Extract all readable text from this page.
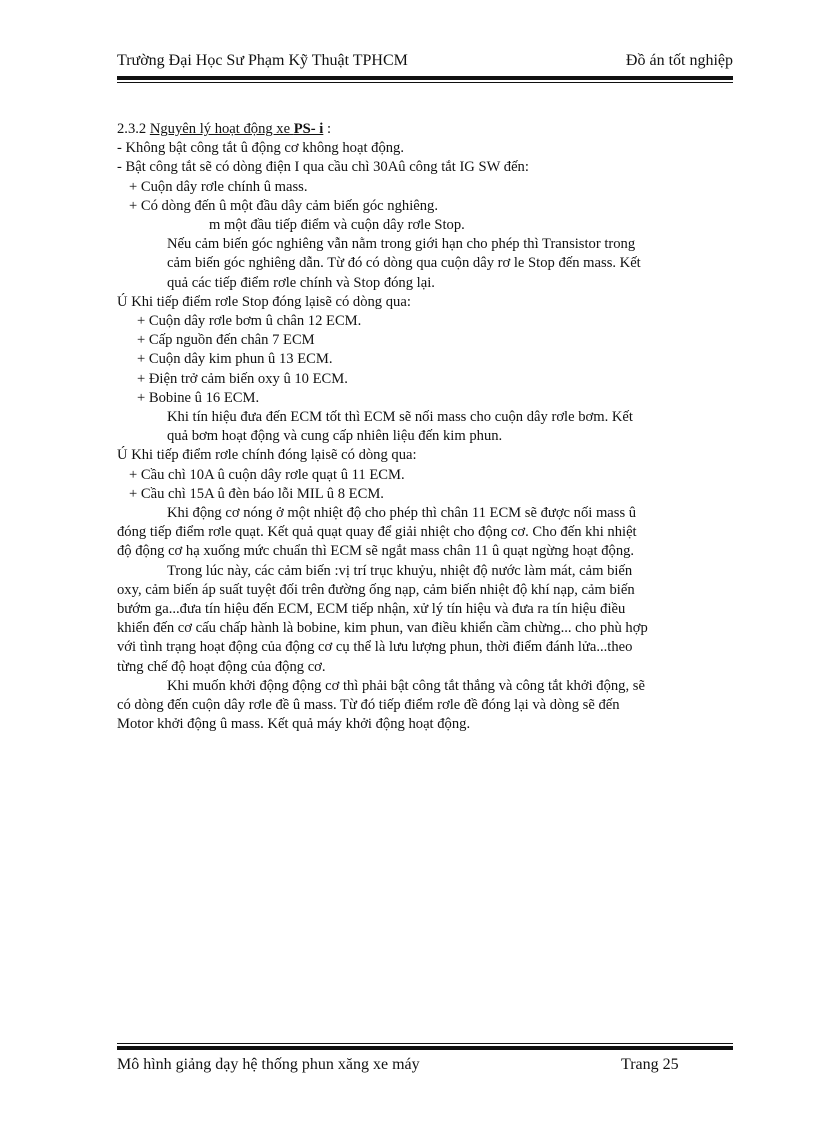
Trường Đại Học Sư Phạm Kỹ Thuật TPHCM	Đồ án tốt nghiệp
2.3.2 Nguyên lý hoạt động xe PS- i :
- Không bật công tắt û động cơ không hoạt động.
- Bật công tắt sẽ có dòng điện I qua cầu chì 30Aû công tắt IG SW đến:
+ Cuộn dây rơle chính û mass.
+ Có dòng đến û một đầu dây cảm biến góc nghiêng.
m một đầu tiếp điểm và cuộn dây rơle Stop.
Nếu cảm biến góc nghiêng vẫn nằm trong giới hạn cho phép thì Transistor trong
cảm biến góc nghiêng dẫn. Từ đó có dòng qua cuộn dây rơ le Stop đến mass. Kết
quả các tiếp điểm rơle chính và Stop đóng lại.
Ú Khi tiếp điểm rơle Stop đóng lạisẽ có dòng qua:
+ Cuộn dây rơle bơm û chân 12 ECM.
+ Cấp nguồn đến chân 7 ECM
+ Cuộn dây kim phun û 13 ECM.
+ Điện trở cảm biến oxy û 10 ECM.
+ Bobine û 16 ECM.
Khi tín hiệu đưa đến ECM tốt thì ECM sẽ nối mass cho cuộn dây rơle bơm. Kết
quả bơm hoạt động và cung cấp nhiên liệu đến kim phun.
Ú Khi tiếp điểm rơle chính đóng lạisẽ có dòng qua:
+ Cầu chì 10A û cuộn dây rơle quạt û 11 ECM.
+ Cầu chì 15A û đèn báo lỗi MIL û 8 ECM.
Khi động cơ nóng ở một nhiệt độ cho phép thì chân 11 ECM sẽ được nối mass û
đóng tiếp điểm rơle quạt. Kết quả quạt quay để giải nhiệt cho động cơ. Cho đến khi nhiệt
độ động cơ hạ xuống mức chuẩn thì ECM sẽ ngắt mass chân 11 û quạt ngừng hoạt động.
Trong lúc này, các cảm biến :vị trí trục khuỷu, nhiệt độ nước làm mát, cảm biến
oxy, cảm biến áp suất tuyệt đối trên đường ống nạp, cảm biến nhiệt độ khí nạp, cảm biến
bướm ga...đưa tín hiệu đến ECM, ECM tiếp nhận, xử lý tín hiệu và đưa ra tín hiệu điều
khiển đến cơ cấu chấp hành là bobine, kim phun, van điều khiển cầm chừng... cho phù hợp
với tình trạng hoạt động của động cơ cụ thể là lưu lượng phun, thời điểm đánh lửa...theo
từng chế độ hoạt động của động cơ.
Khi muốn khởi động động cơ thì phải bật công tắt thắng và công tắt khởi động, sẽ
có dòng đến cuộn dây rơle đề û mass. Từ đó tiếp điểm rơle đề đóng lại và dòng sẽ đến
Motor khởi động û mass. Kết quả máy khởi động hoạt động.
Mô hình giảng dạy hệ thống phun xăng xe máy	Trang 25
